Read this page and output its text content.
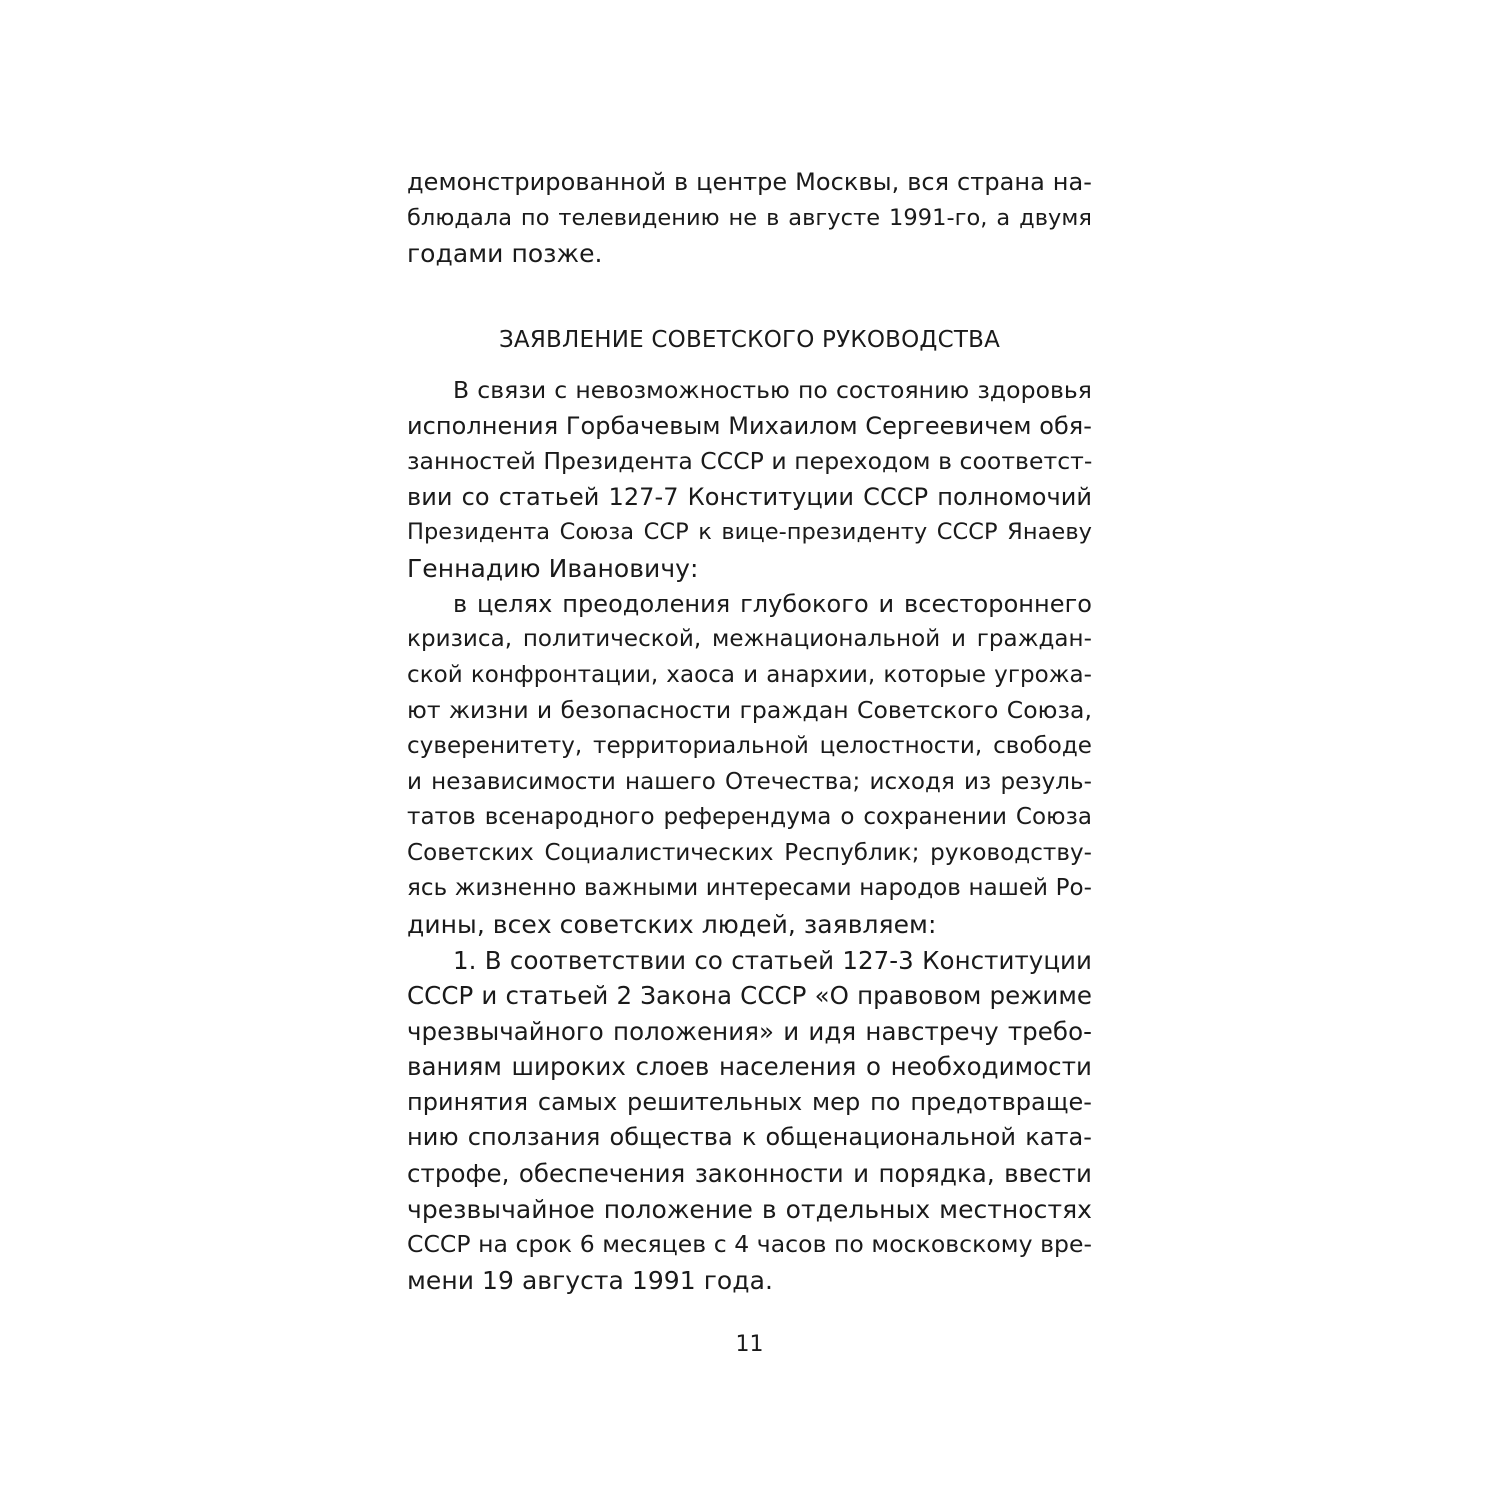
демонстрированной в центре Москвы, вся страна на-
блюдала по телевидению не в августе 1991-го, а двумя
годами позже.
ЗАЯВЛЕНИЕ СОВЕТСКОГО РУКОВОДСТВА
В связи с невозможностью по состоянию здоровья
исполнения Горбачевым Михаилом Сергеевичем обя-
занностей Президента СССР и переходом в соответст-
вии со статьей 127-7 Конституции СССР полномочий
Президента Союза ССР к вице-президенту СССР Янаеву
Геннадию Ивановичу:
в целях преодоления глубокого и всестороннего
кризиса, политической, межнациональной и граждан-
ской конфронтации, хаоса и анархии, которые угрожа-
ют жизни и безопасности граждан Советского Союза,
суверенитету, территориальной целостности, свободе
и независимости нашего Отечества; исходя из резуль-
татов всенародного референдума о сохранении Союза
Советских Социалистических Республик; руководству-
ясь жизненно важными интересами народов нашей Ро-
дины, всех советских людей, заявляем:
1. В соответствии со статьей 127-3 Конституции
СССР и статьей 2 Закона СССР «О правовом режиме
чрезвычайного положения» и идя навстречу требо-
ваниям широких слоев населения о необходимости
принятия самых решительных мер по предотвраще-
нию сползания общества к общенациональной ката-
строфе, обеспечения законности и порядка, ввести
чрезвычайное положение в отдельных местностях
СССР на срок 6 месяцев с 4 часов по московскому вре-
мени 19 августа 1991 года.
11
